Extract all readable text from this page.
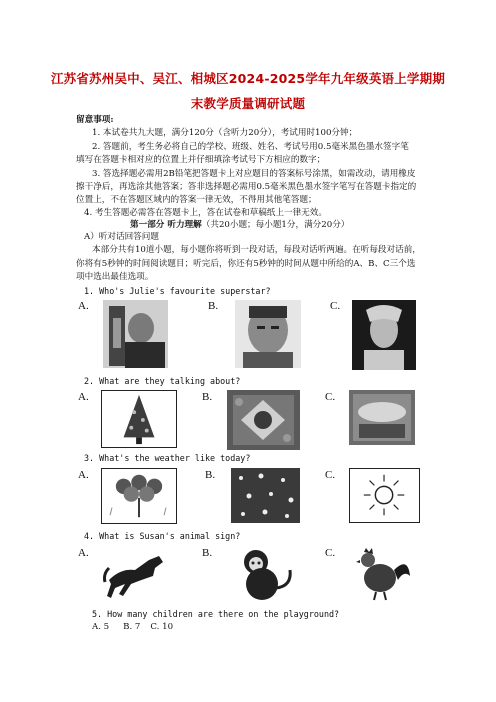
江苏省苏州吴中、吴江、相城区2024-2025学年九年级英语上学期期
末教学质量调研试题
留意事项:
1. 本试卷共九大题，满分120分（含听力20分），考试用时100分钟；
2. 答题前，考生务必将自己的学校、班级、姓名、考试号用0.5毫米黑色墨水签字笔
填写在答题卡相对应的位置上并仔细填涂考试号下方相应的数字；
3. 答选择题必需用2B铅笔把答题卡上对应题目的答案标号涂黑，如需改动，请用橡皮
擦干净后，再选涂其他答案；答非选择题必需用0.5毫米黑色墨水签字笔写在答题卡指定的
位置上，不在答题区域内的答案一律无效，不得用其他笔答题；
4. 考生答题必需答在答题卡上，答在试卷和草稿纸上一律无效。
第一部分 听力理解（共20小题；每小题1分，满分20分）
A）听对话回答问题
本部分共有10道小题，每小题你将听到一段对话，每段对话听两遍。在听每段对话前，
你将有5秒钟的时间阅读题目；听完后，你还有5秒钟的时间从题中所给的A、B、C三个选
项中选出最佳选项。
1. Who's Julie's favourite superstar?
A.	B.	C.
2. What are they talking about?
A.	B.	C.
3. What's the weather like today?
A.	B.	C.
4. What is Susan's animal sign?
A.	B.	C.
5. How many children are there on the playground?
A. 5 B. 7 C. 10
